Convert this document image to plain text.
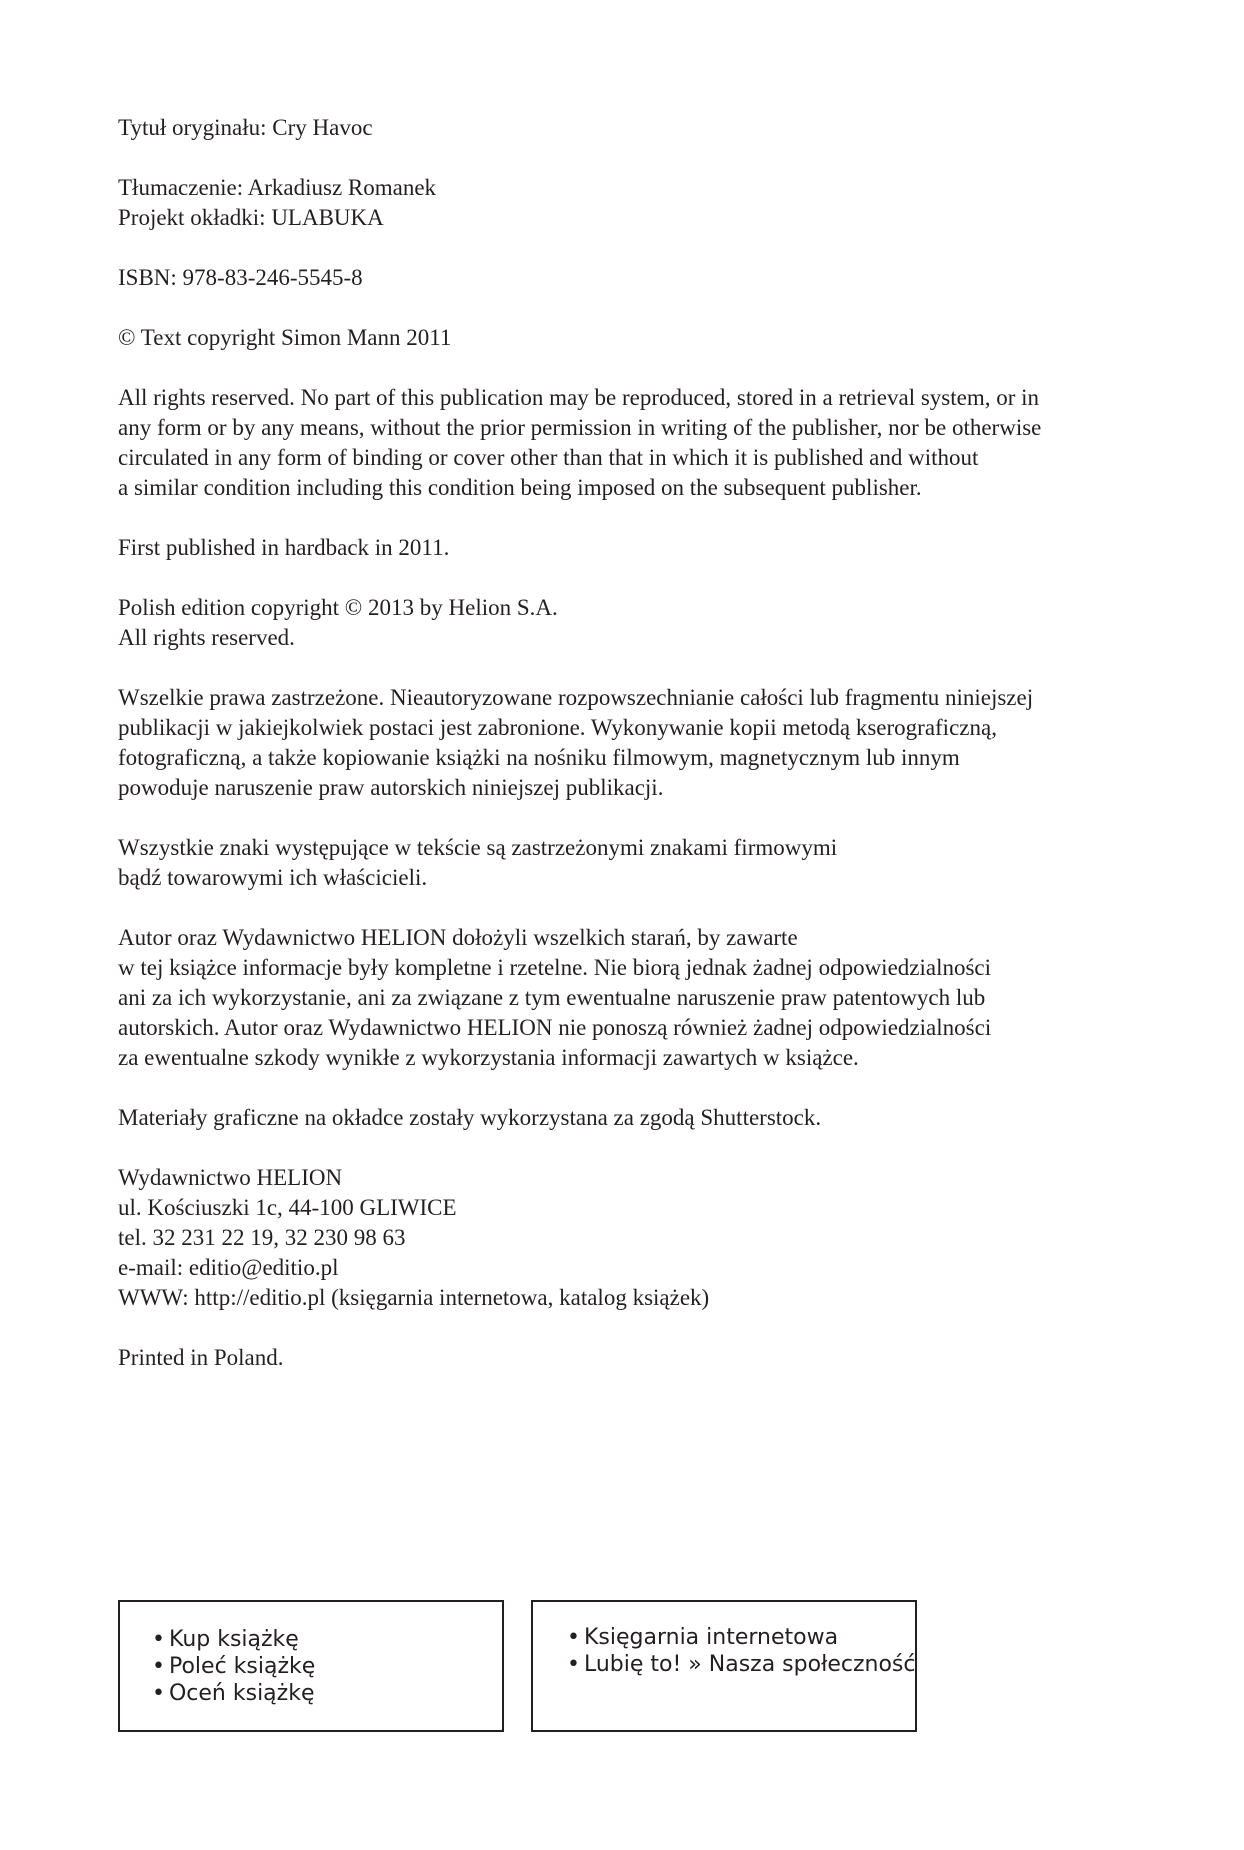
Tytuł oryginału: Cry Havoc
Tłumaczenie: Arkadiusz Romanek
Projekt okładki: ULABUKA
ISBN: 978-83-246-5545-8
© Text copyright Simon Mann 2011
All rights reserved. No part of this publication may be reproduced, stored in a retrieval system, or in
any form or by any means, without the prior permission in writing of the publisher, nor be otherwise
circulated in any form of binding or cover other than that in which it is published and without
a similar condition including this condition being imposed on the subsequent publisher.
First published in hardback in 2011.
Polish edition copyright © 2013 by Helion S.A.
All rights reserved.
Wszelkie prawa zastrzeżone. Nieautoryzowane rozpowszechnianie całości lub fragmentu niniejszej
publikacji w jakiejkolwiek postaci jest zabronione. Wykonywanie kopii metodą kserograficzną,
fotograficzną, a także kopiowanie książki na nośniku filmowym, magnetycznym lub innym
powoduje naruszenie praw autorskich niniejszej publikacji.
Wszystkie znaki występujące w tekście są zastrzeżonymi znakami firmowymi
bądź towarowymi ich właścicieli.
Autor oraz Wydawnictwo HELION dołożyli wszelkich starań, by zawarte
w tej książce informacje były kompletne i rzetelne. Nie biorą jednak żadnej odpowiedzialności
ani za ich wykorzystanie, ani za związane z tym ewentualne naruszenie praw patentowych lub
autorskich. Autor oraz Wydawnictwo HELION nie ponoszą również żadnej odpowiedzialności
za ewentualne szkody wynikłe z wykorzystania informacji zawartych w książce.
Materiały graficzne na okładce zostały wykorzystana za zgodą Shutterstock.
Wydawnictwo HELION
ul. Kościuszki 1c, 44-100 GLIWICE
tel. 32 231 22 19, 32 230 98 63
e-mail: editio@editio.pl
WWW: http://editio.pl (księgarnia internetowa, katalog książek)
Printed in Poland.
• Kup książkę
• Poleć książkę
• Oceń książkę
• Księgarnia internetowa
• Lubię to! » Nasza społeczność
